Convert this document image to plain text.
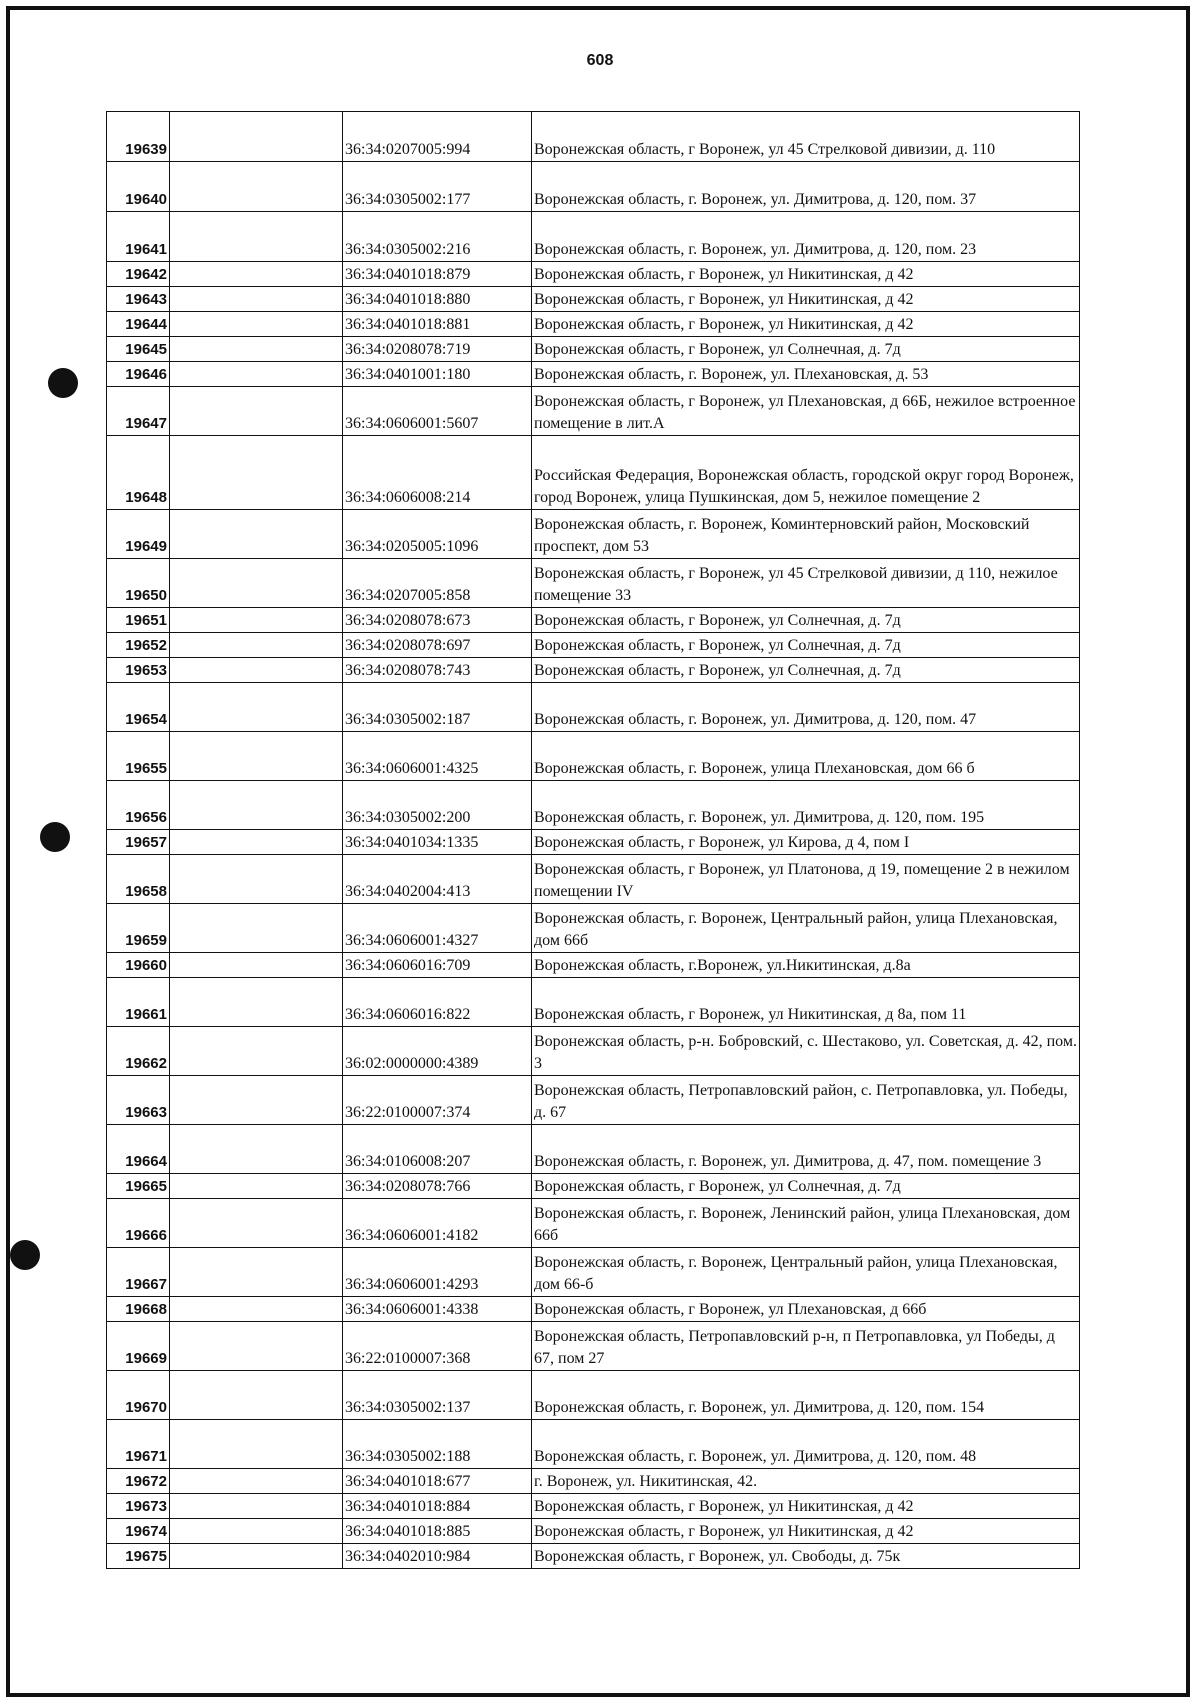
608
19639		36:34:0207005:994	Воронежская область, г Воронеж, ул 45 Стрелковой дивизии, д. 110
19640		36:34:0305002:177	Воронежская область, г. Воронеж, ул. Димитрова, д. 120, пом. 37
19641		36:34:0305002:216	Воронежская область, г. Воронеж, ул. Димитрова, д. 120, пом. 23
19642		36:34:0401018:879	Воронежская область, г Воронеж, ул Никитинская, д 42
19643		36:34:0401018:880	Воронежская область, г Воронеж, ул Никитинская, д 42
19644		36:34:0401018:881	Воронежская область, г Воронеж, ул Никитинская, д 42
19645		36:34:0208078:719	Воронежская область, г Воронеж, ул Солнечная, д. 7д
19646		36:34:0401001:180	Воронежская область, г. Воронеж, ул. Плехановская, д. 53
19647		36:34:0606001:5607	Воронежская область, г Воронеж, ул Плехановская, д 66Б, нежилое встроенное помещение в лит.А
19648		36:34:0606008:214	Российская Федерация, Воронежская область, городской округ город Воронеж, город Воронеж, улица Пушкинская, дом 5, нежилое помещение 2
19649		36:34:0205005:1096	Воронежская область, г. Воронеж, Коминтерновский район, Московский проспект, дом 53
19650		36:34:0207005:858	Воронежская область, г Воронеж, ул 45 Стрелковой дивизии, д 110, нежилое помещение 33
19651		36:34:0208078:673	Воронежская область, г Воронеж, ул Солнечная, д. 7д
19652		36:34:0208078:697	Воронежская область, г Воронеж, ул Солнечная, д. 7д
19653		36:34:0208078:743	Воронежская область, г Воронеж, ул Солнечная, д. 7д
19654		36:34:0305002:187	Воронежская область, г. Воронеж, ул. Димитрова, д. 120, пом. 47
19655		36:34:0606001:4325	Воронежская область, г. Воронеж, улица Плехановская, дом 66 б
19656		36:34:0305002:200	Воронежская область, г. Воронеж, ул. Димитрова, д. 120, пом. 195
19657		36:34:0401034:1335	Воронежская область, г Воронеж, ул Кирова, д 4, пом I
19658		36:34:0402004:413	Воронежская область, г Воронеж, ул Платонова, д 19, помещение 2 в нежилом помещении IV
19659		36:34:0606001:4327	Воронежская область, г. Воронеж, Центральный район, улица Плехановская, дом 66б
19660		36:34:0606016:709	Воронежская область, г.Воронеж, ул.Никитинская, д.8а
19661		36:34:0606016:822	Воронежская область, г Воронеж, ул Никитинская, д 8а, пом 11
19662		36:02:0000000:4389	Воронежская область, р-н. Бобровский, с. Шестаково, ул. Советская, д. 42, пом. 3
19663		36:22:0100007:374	Воронежская область, Петропавловский район, с. Петропавловка, ул. Победы, д. 67
19664		36:34:0106008:207	Воронежская область, г. Воронеж, ул. Димитрова, д. 47, пом. помещение 3
19665		36:34:0208078:766	Воронежская область, г Воронеж, ул Солнечная, д. 7д
19666		36:34:0606001:4182	Воронежская область, г. Воронеж, Ленинский район, улица Плехановская, дом 66б
19667		36:34:0606001:4293	Воронежская область, г. Воронеж, Центральный район, улица Плехановская, дом 66-б
19668		36:34:0606001:4338	Воронежская область, г Воронеж, ул Плехановская, д 66б
19669		36:22:0100007:368	Воронежская область, Петропавловский р-н, п Петропавловка, ул Победы, д 67, пом 27
19670		36:34:0305002:137	Воронежская область, г. Воронеж, ул. Димитрова, д. 120, пом. 154
19671		36:34:0305002:188	Воронежская область, г. Воронеж, ул. Димитрова, д. 120, пом. 48
19672		36:34:0401018:677	г. Воронеж, ул. Никитинская, 42.
19673		36:34:0401018:884	Воронежская область, г Воронеж, ул Никитинская, д 42
19674		36:34:0401018:885	Воронежская область, г Воронеж, ул Никитинская, д 42
19675		36:34:0402010:984	Воронежская область, г Воронеж, ул. Свободы, д. 75к
